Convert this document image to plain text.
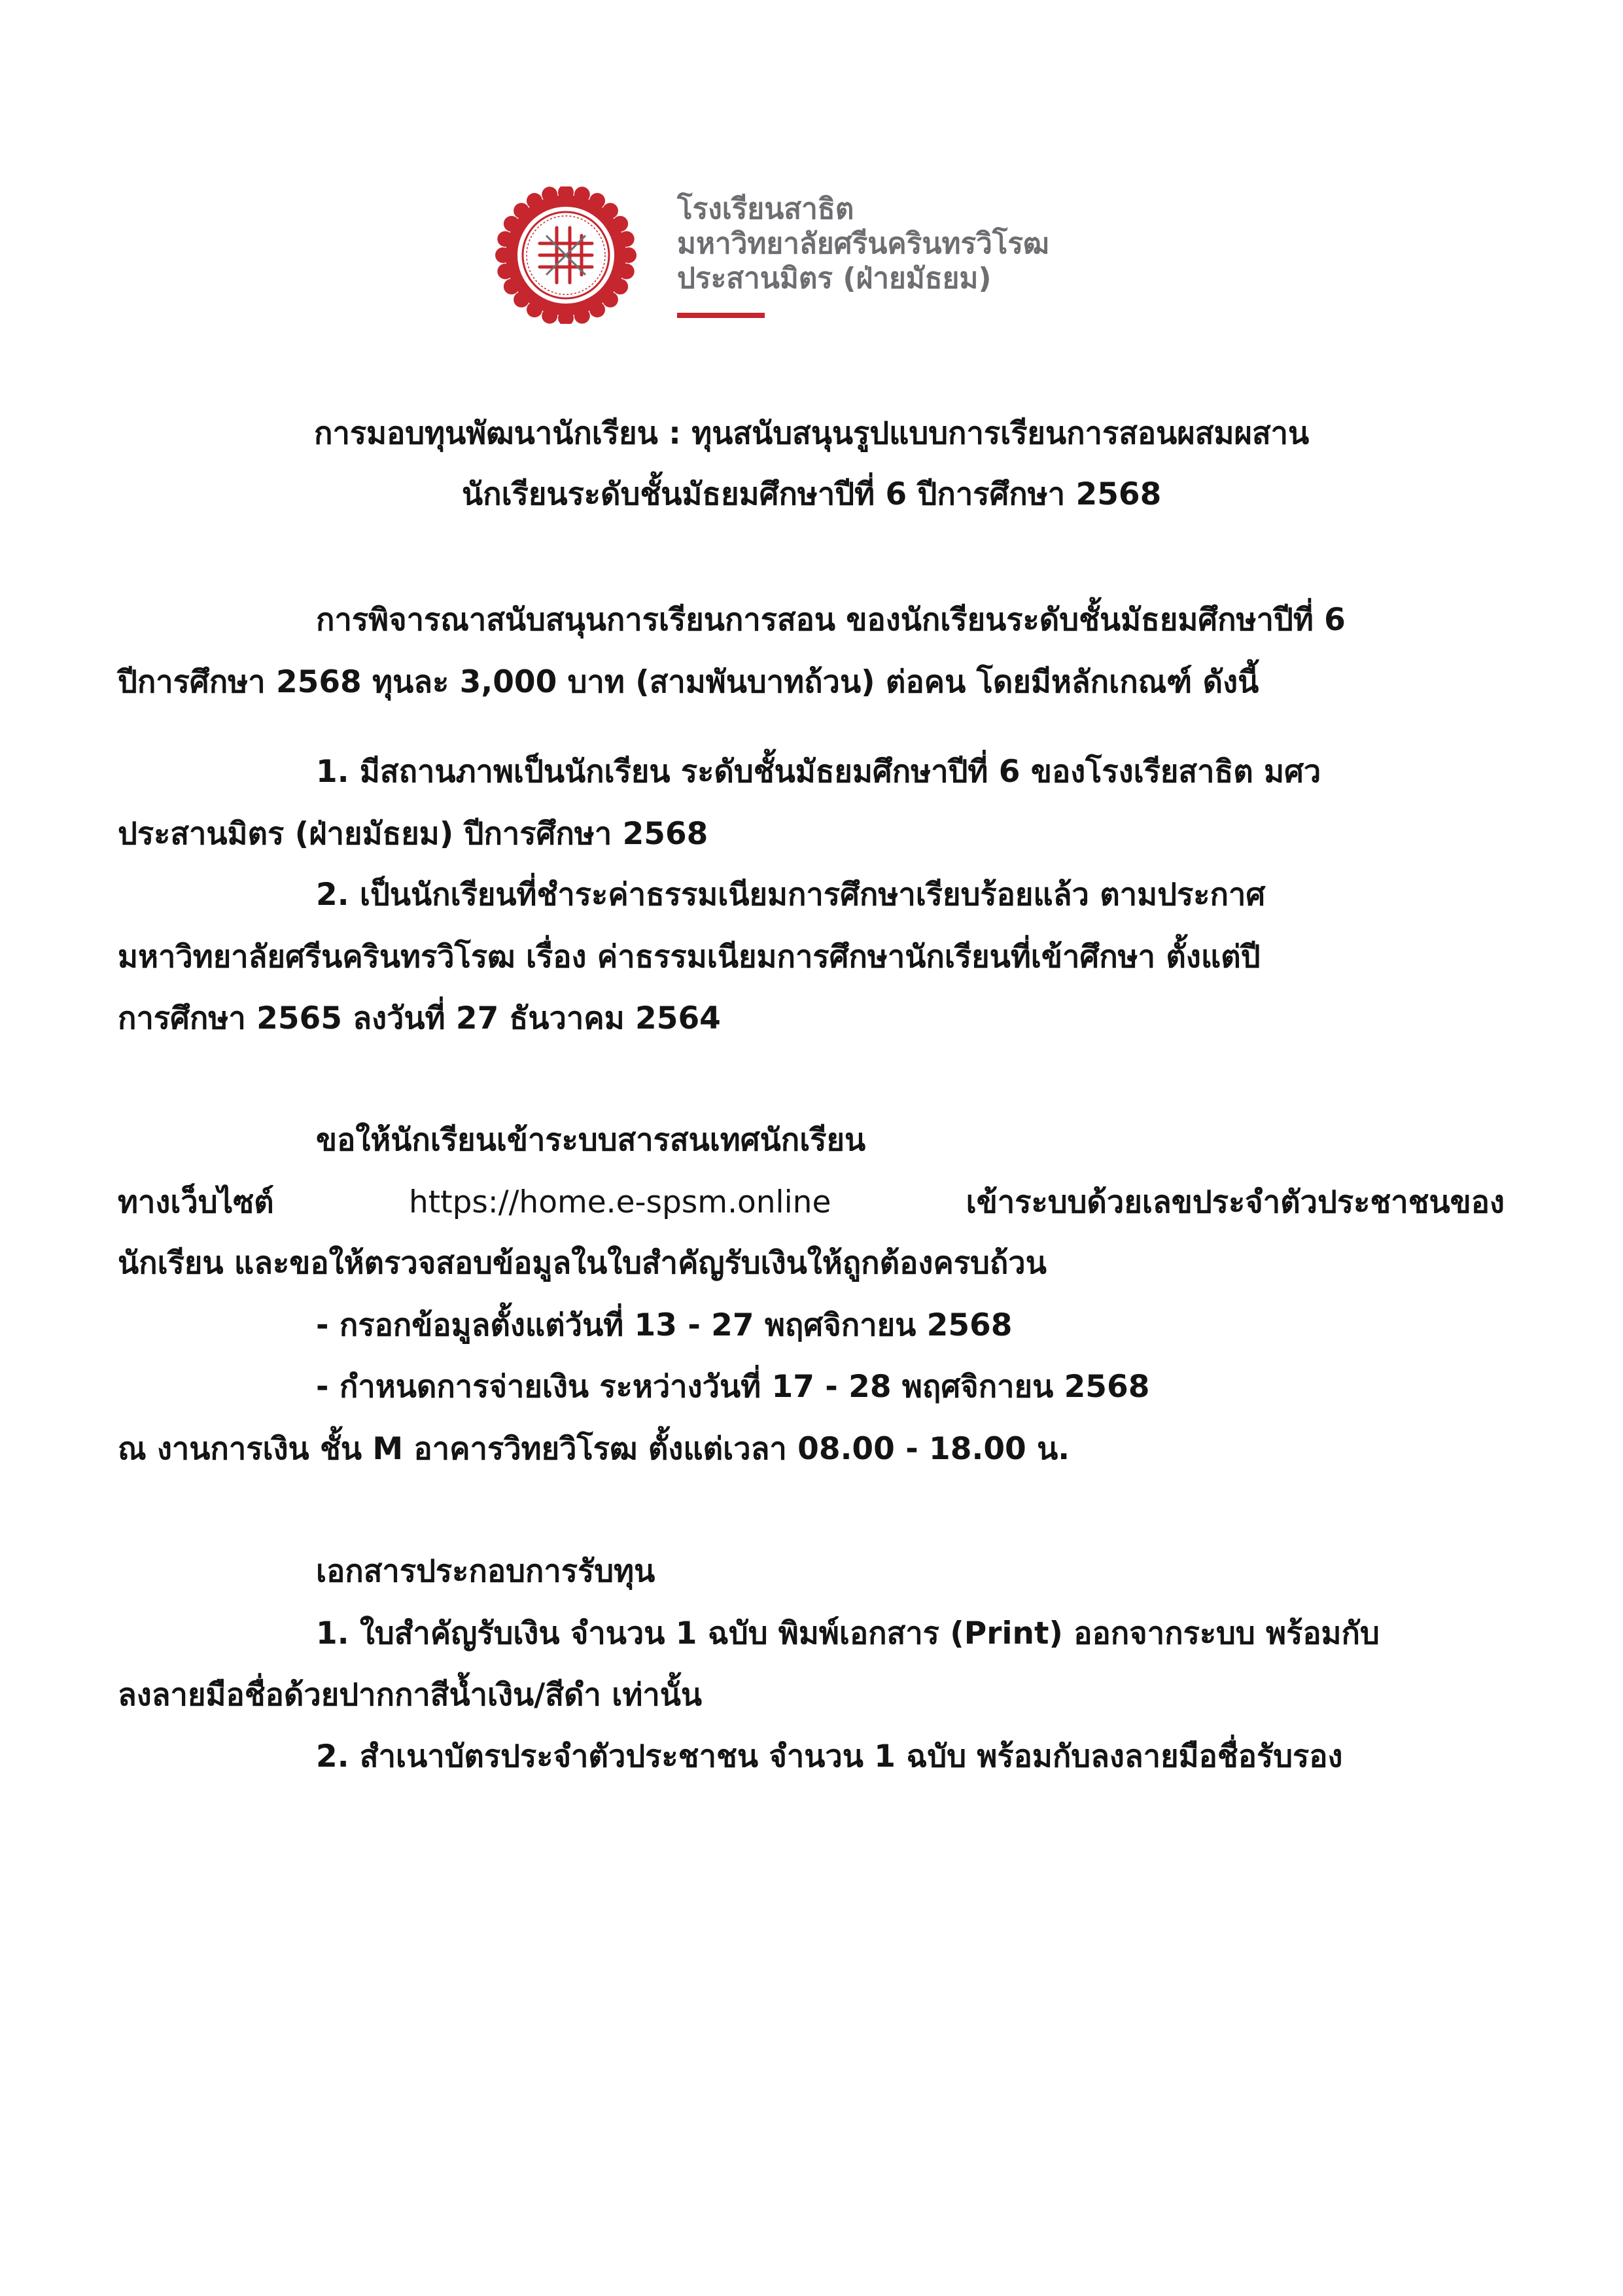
โรงเรียนสาธิต
มหาวิทยาลัยศรีนครินทรวิโรฒ
ประสานมิตร (ฝ่ายมัธยม)
การมอบทุนพัฒนานักเรียน : ทุนสนับสนุนรูปแบบการเรียนการสอนผสมผสาน
นักเรียนระดับชั้นมัธยมศึกษาปีที่ 6 ปีการศึกษา 2568
การพิจารณาสนับสนุนการเรียนการสอน ของนักเรียนระดับชั้นมัธยมศึกษาปีที่ 6
ปีการศึกษา 2568 ทุนละ 3,000 บาท (สามพันบาทถ้วน) ต่อคน โดยมีหลักเกณฑ์ ดังนี้
1. มีสถานภาพเป็นนักเรียน ระดับชั้นมัธยมศึกษาปีที่ 6 ของโรงเรียสาธิต มศว
ประสานมิตร (ฝ่ายมัธยม) ปีการศึกษา 2568
2. เป็นนักเรียนที่ชำระค่าธรรมเนียมการศึกษาเรียบร้อยแล้ว ตามประกาศ
มหาวิทยาลัยศรีนครินทรวิโรฒ เรื่อง ค่าธรรมเนียมการศึกษานักเรียนที่เข้าศึกษา ตั้งแต่ปี
การศึกษา 2565 ลงวันที่ 27 ธันวาคม 2564
ขอให้นักเรียนเข้าระบบสารสนเทศนักเรียน
ทางเว็บไซต์	https://home.e-spsm.online	เข้าระบบด้วยเลขประจำตัวประชาชนของ
นักเรียน และขอให้ตรวจสอบข้อมูลในใบสำคัญรับเงินให้ถูกต้องครบถ้วน
- กรอกข้อมูลตั้งแต่วันที่ 13 - 27 พฤศจิกายน 2568
- กำหนดการจ่ายเงิน ระหว่างวันที่ 17 - 28 พฤศจิกายน 2568
ณ งานการเงิน ชั้น M อาคารวิทยวิโรฒ ตั้งแต่เวลา 08.00 - 18.00 น.
เอกสารประกอบการรับทุน
1. ใบสำคัญรับเงิน จำนวน 1 ฉบับ พิมพ์เอกสาร (Print) ออกจากระบบ พร้อมกับ
ลงลายมือชื่อด้วยปากกาสีน้ำเงิน/สีดำ เท่านั้น
2. สำเนาบัตรประจำตัวประชาชน จำนวน 1 ฉบับ พร้อมกับลงลายมือชื่อรับรอง
